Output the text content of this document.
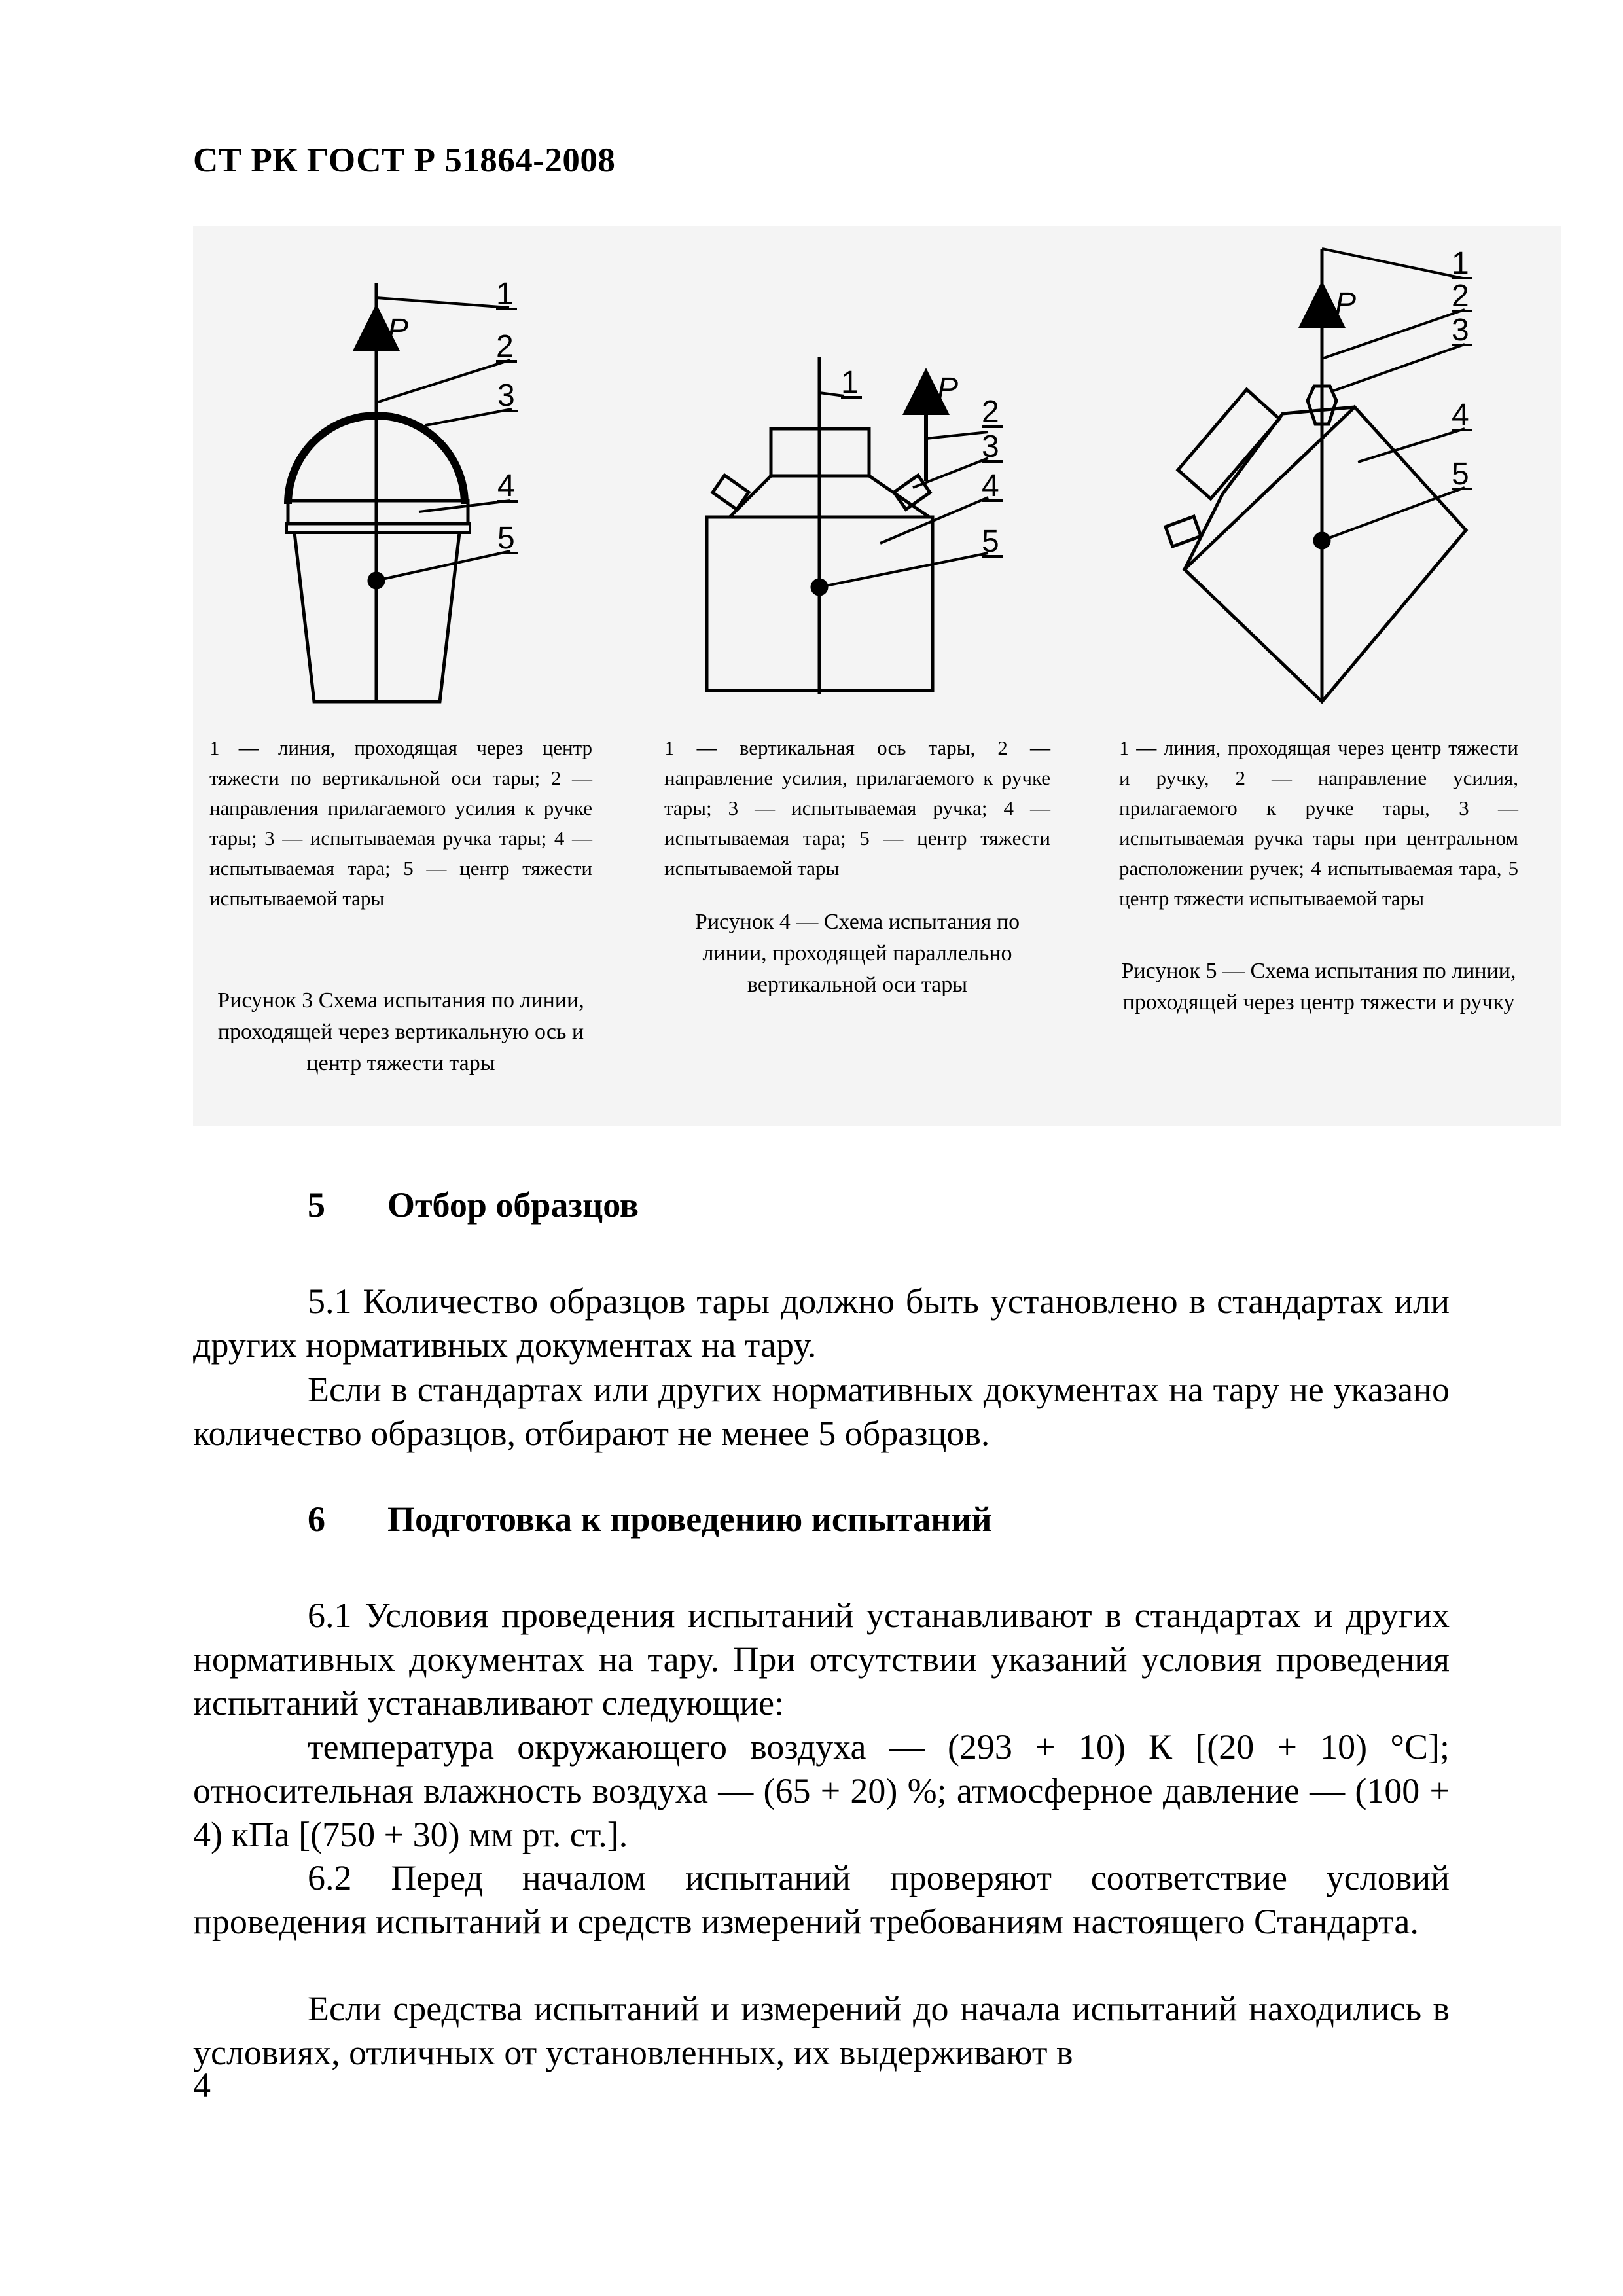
СТ РК ГОСТ Р 51864-2008
1
2
3
4
5
P
1
2
3
4
5
P
1
2
3
4
5
P
1 — линия, проходящая через центр тяжести по вертикальной оси тары; 2 — направления прилагаемого усилия к ручке тары; 3 — испытываемая ручка тары; 4 — испытываемая тара; 5 — центр тяжести испытываемой тары
Рисунок 3 Схема испытания по линии, проходящей через вертикальную ось и центр тяжести тары
1 — вертикальная ось тары, 2 — направление усилия, прилагаемого к ручке тары; 3 — испытываемая ручка; 4 — испытываемая тара; 5 — центр тяжести испытываемой тары
Рисунок 4 — Схема испытания по линии, проходящей параллельно вертикальной оси тары
1 — линия, проходящая через центр тяжести и ручку, 2 — направление усилия, прилагаемого к ручке тары, 3 — испытываемая ручка тары при центральном расположении ручек; 4 испытываемая тара, 5 центр тяжести испытываемой тары
Рисунок 5 — Схема испытания по линии, проходящей через центр тяжести и ручку
5 Отбор образцов
5.1 Количество образцов тары должно быть установлено в стандартах или других нормативных документах на тару.
Если в стандартах или других нормативных документах на тару не указано количество образцов, отбирают не менее 5 образцов.
6 Подготовка к проведению испытаний
6.1 Условия проведения испытаний устанавливают в стандартах и других нормативных документах на тару. При отсутствии указаний условия проведения испытаний устанавливают следующие:
температура окружающего воздуха — (293 + 10) К [(20 + 10) °С]; относительная влажность воздуха — (65 + 20) %; атмосферное давление — (100 + 4) кПа [(750 + 30) мм рт. ст.].
6.2 Перед началом испытаний проверяют соответствие условий проведения испытаний и средств измерений требованиям настоящего Стандарта.
Если средства испытаний и измерений до начала испытаний находились в условиях, отличных от установленных, их выдерживают в
4
